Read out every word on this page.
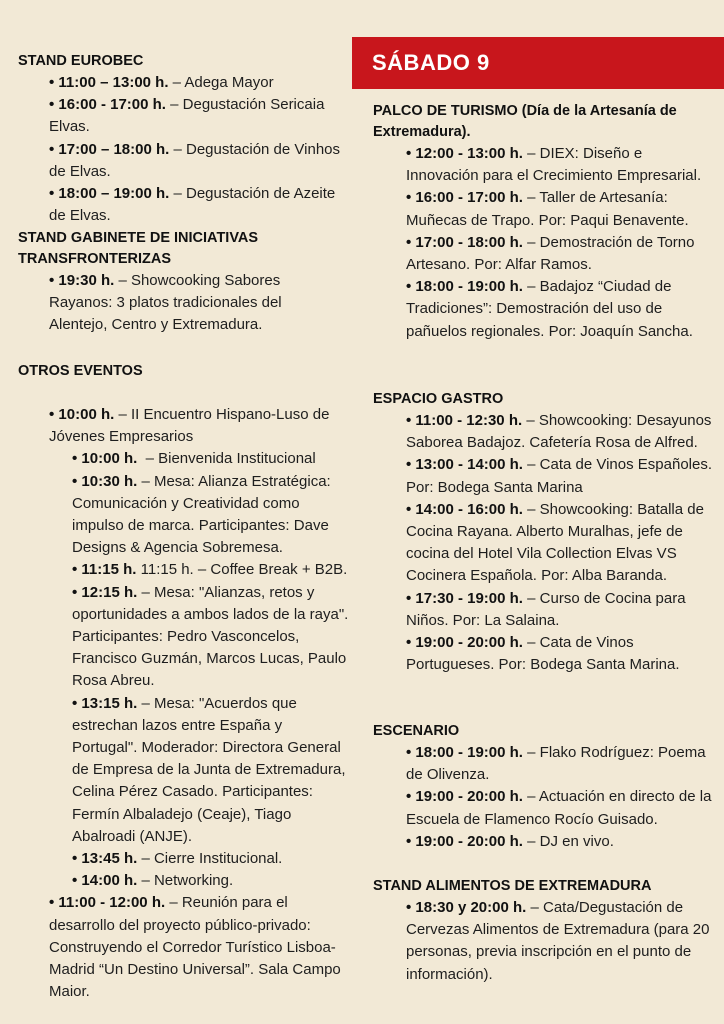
STAND EUROBEC
• 11:00 – 13:00 h. – Adega Mayor
• 16:00 - 17:00 h. – Degustación Sericaia Elvas.
• 17:00 – 18:00 h. – Degustación de Vinhos de Elvas.
• 18:00 – 19:00 h. – Degustación de Azeite de Elvas.
STAND GABINETE DE INICIATIVAS TRANSFRONTERIZAS
• 19:30 h. – Showcooking Sabores Rayanos: 3 platos tradicionales del Alentejo, Centro y Extremadura.
OTROS EVENTOS
• 10:00 h. – II Encuentro Hispano-Luso de Jóvenes Empresarios
• 10:00 h.  – Bienvenida Institucional
• 10:30 h. – Mesa: Alianza Estratégica: Comunicación y Creatividad como impulso de marca. Participantes: Dave Designs & Agencia Sobremesa.
• 11:15 h. 11:15 h. – Coffee Break + B2B.
• 12:15 h. – Mesa: "Alianzas, retos y oportunidades a ambos lados de la raya". Participantes: Pedro Vasconcelos, Francisco Guzmán, Marcos Lucas, Paulo Rosa Abreu.
• 13:15 h. – Mesa: "Acuerdos que estrechan lazos entre España y Portugal". Moderador: Directora General de Empresa de la Junta de Extremadura, Celina Pérez Casado. Participantes: Fermín Albaladejo (Ceaje), Tiago Abalroadi (ANJE).
• 13:45 h. – Cierre Institucional.
• 14:00 h. – Networking.
• 11:00 - 12:00 h. – Reunión para el desarrollo del proyecto público-privado: Construyendo el Corredor Turístico Lisboa-Madrid “Un Destino Universal”. Sala Campo Maior.
SÁBADO 9
PALCO DE TURISMO (Día de la Artesanía de Extremadura).
• 12:00 - 13:00 h. – DIEX: Diseño e Innovación para el Crecimiento Empresarial.
• 16:00 - 17:00 h. – Taller de Artesanía: Muñecas de Trapo. Por: Paqui Benavente.
• 17:00 - 18:00 h. – Demostración de Torno Artesano. Por: Alfar Ramos.
• 18:00 - 19:00 h. – Badajoz “Ciudad de Tradiciones”: Demostración del uso de pañuelos regionales. Por: Joaquín Sancha.
ESPACIO GASTRO
• 11:00 - 12:30 h. – Showcooking: Desayunos Saborea Badajoz. Cafetería Rosa de Alfred.
• 13:00 - 14:00 h. – Cata de Vinos Españoles. Por: Bodega Santa Marina
• 14:00 - 16:00 h. – Showcooking: Batalla de Cocina Rayana. Alberto Muralhas, jefe de cocina del Hotel Vila Collection Elvas VS Cocinera Española. Por: Alba Baranda.
• 17:30 - 19:00 h. – Curso de Cocina para Niños. Por: La Salaina.
• 19:00 - 20:00 h. – Cata de Vinos Portugueses. Por: Bodega Santa Marina.
ESCENARIO
• 18:00 - 19:00 h. – Flako Rodríguez: Poema de Olivenza.
• 19:00 - 20:00 h. – Actuación en directo de la Escuela de Flamenco Rocío Guisado.
• 19:00 - 20:00 h. – DJ en vivo.
STAND ALIMENTOS DE EXTREMADURA
• 18:30 y 20:00 h. – Cata/Degustación de Cervezas Alimentos de Extremadura (para 20 personas, previa inscripción en el punto de información).
